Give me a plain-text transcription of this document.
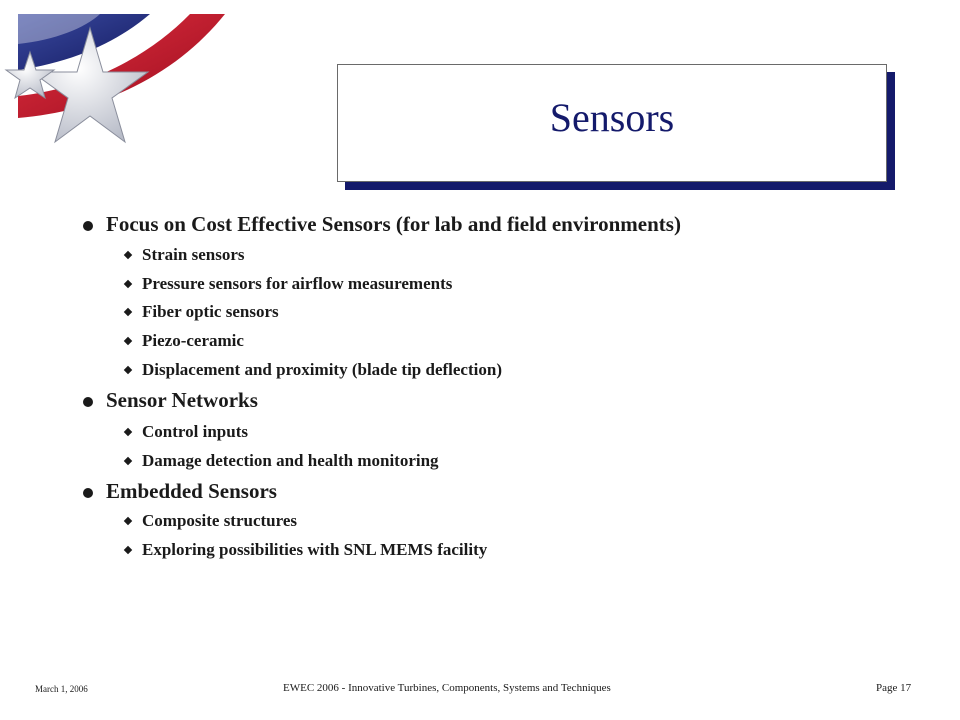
Sensors
Focus on Cost Effective Sensors (for lab and field environments)
Strain sensors
Pressure sensors for airflow measurements
Fiber optic sensors
Piezo-ceramic
Displacement and proximity (blade tip deflection)
Sensor Networks
Control inputs
Damage detection and health monitoring
Embedded Sensors
Composite structures
Exploring possibilities with SNL MEMS facility
March 1, 2006	EWEC 2006 - Innovative Turbines, Components, Systems and Techniques	Page 17
